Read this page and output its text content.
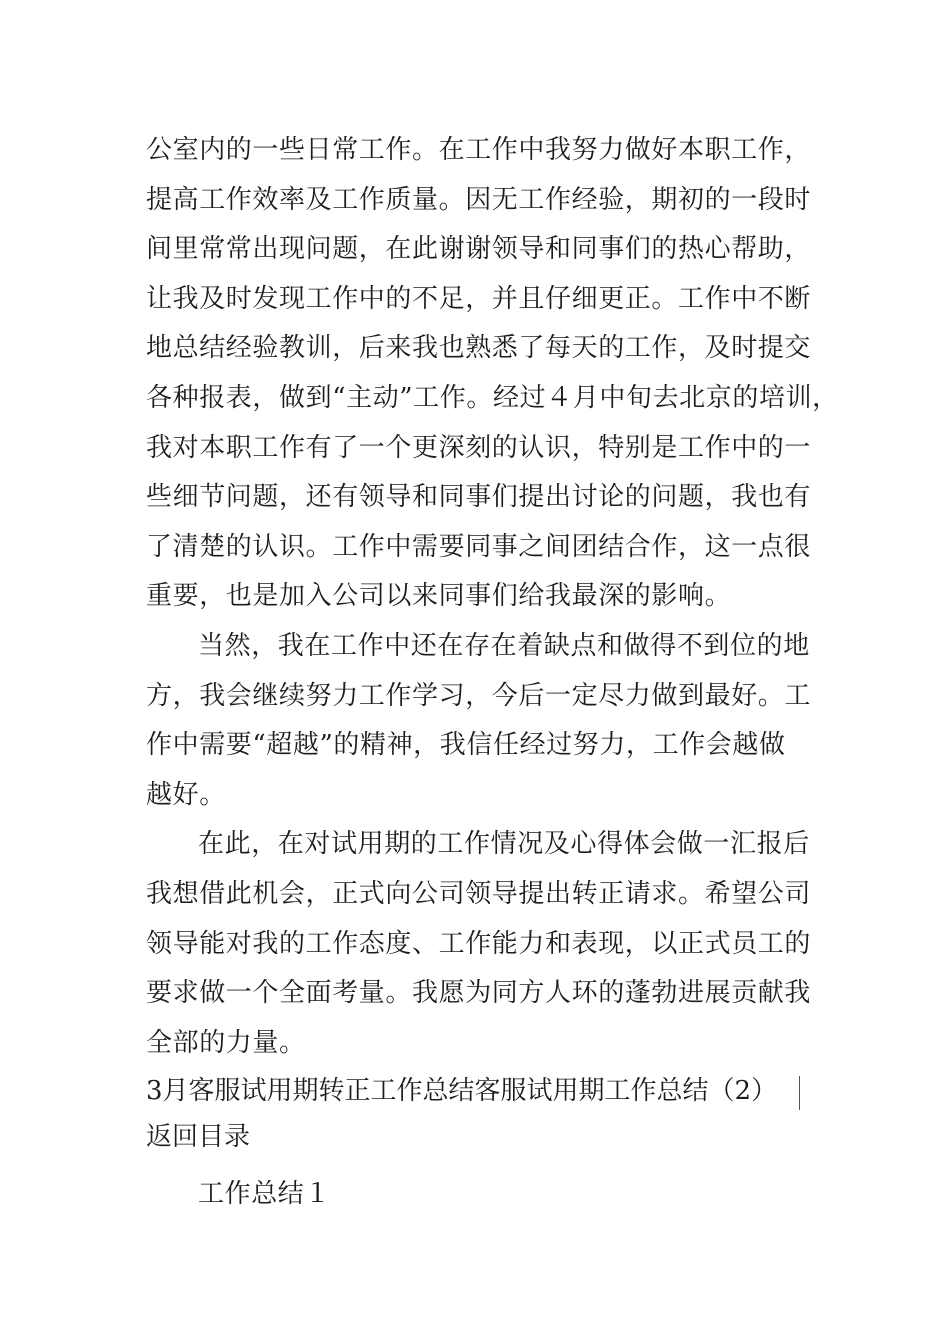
公室内的一些日常工作。在工作中我努力做好本职工作，
提高工作效率及工作质量。因无工作经验，期初的一段时
间里常常出现问题，在此谢谢领导和同事们的热心帮助，
让我及时发现工作中的不足，并且仔细更正。工作中不断
地总结经验教训，后来我也熟悉了每天的工作，及时提交
各种报表，做到“主动”工作。经过４月中旬去北京的培训，
我对本职工作有了一个更深刻的认识，特别是工作中的一
些细节问题，还有领导和同事们提出讨论的问题，我也有
了清楚的认识。工作中需要同事之间团结合作，这一点很
重要，也是加入公司以来同事们给我最深的影响。
当然，我在工作中还在存在着缺点和做得不到位的地
方，我会继续努力工作学习，今后一定尽力做到最好。工
作中需要“超越”的精神，我信任经过努力，工作会越做
越好。
在此，在对试用期的工作情况及心得体会做一汇报后
我想借此机会，正式向公司领导提出转正请求。希望公司
领导能对我的工作态度、工作能力和表现，以正式员工的
要求做一个全面考量。我愿为同方人环的蓬勃进展贡献我
全部的力量。
3月客服试用期转正工作总结客服试用期工作总结（2）
返回目录
工作总结１
